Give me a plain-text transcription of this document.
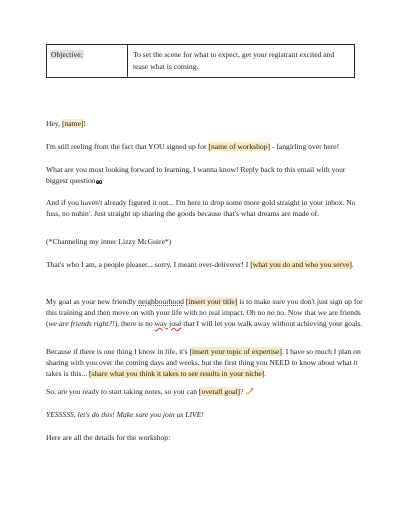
Objective:	To set the scene for what to expect, get your registrant excited and tease what is coming.

Hey, [name]!

I'm still reeling from the fact that YOU signed up for [name of workshop] - fangirling over here!

What are you most looking forward to learning, I wanna know! Reply back to this email with your biggest question

And if you haven't already figured it out... I'm here to drop some more gold straight in your inbox. No fuss, no nuhin'. Just straight up sharing the goods because that's what dreams are made of.

(*Channeling my inner Lizzy McGuire*)

That's who I am, a people pleaser... sorry, I meant over-deliverer! I [what you do and who you serve].

My goal as your new friendly neighbourhood [insert your title] is to make sure you don't just sign up for this training and then move on with your life with no real impact. Oh no no no. Now that we are friends (we are friends right?!), there is no way josé that I will let you walk away without achieving your goals.

Because if there is one thing I know in life, it's [insert your topic of expertise]. I have so much I plan on sharing with you over the coming days and weeks, but the first thing you NEED to know about what it takes is this... [share what you think it takes to see results in your niche].

So, are you ready to start taking notes, so you can [overall goal]?

YESSSSS, let's do this! Make sure you join us LIVE!

Here are all the details for the workshop:
